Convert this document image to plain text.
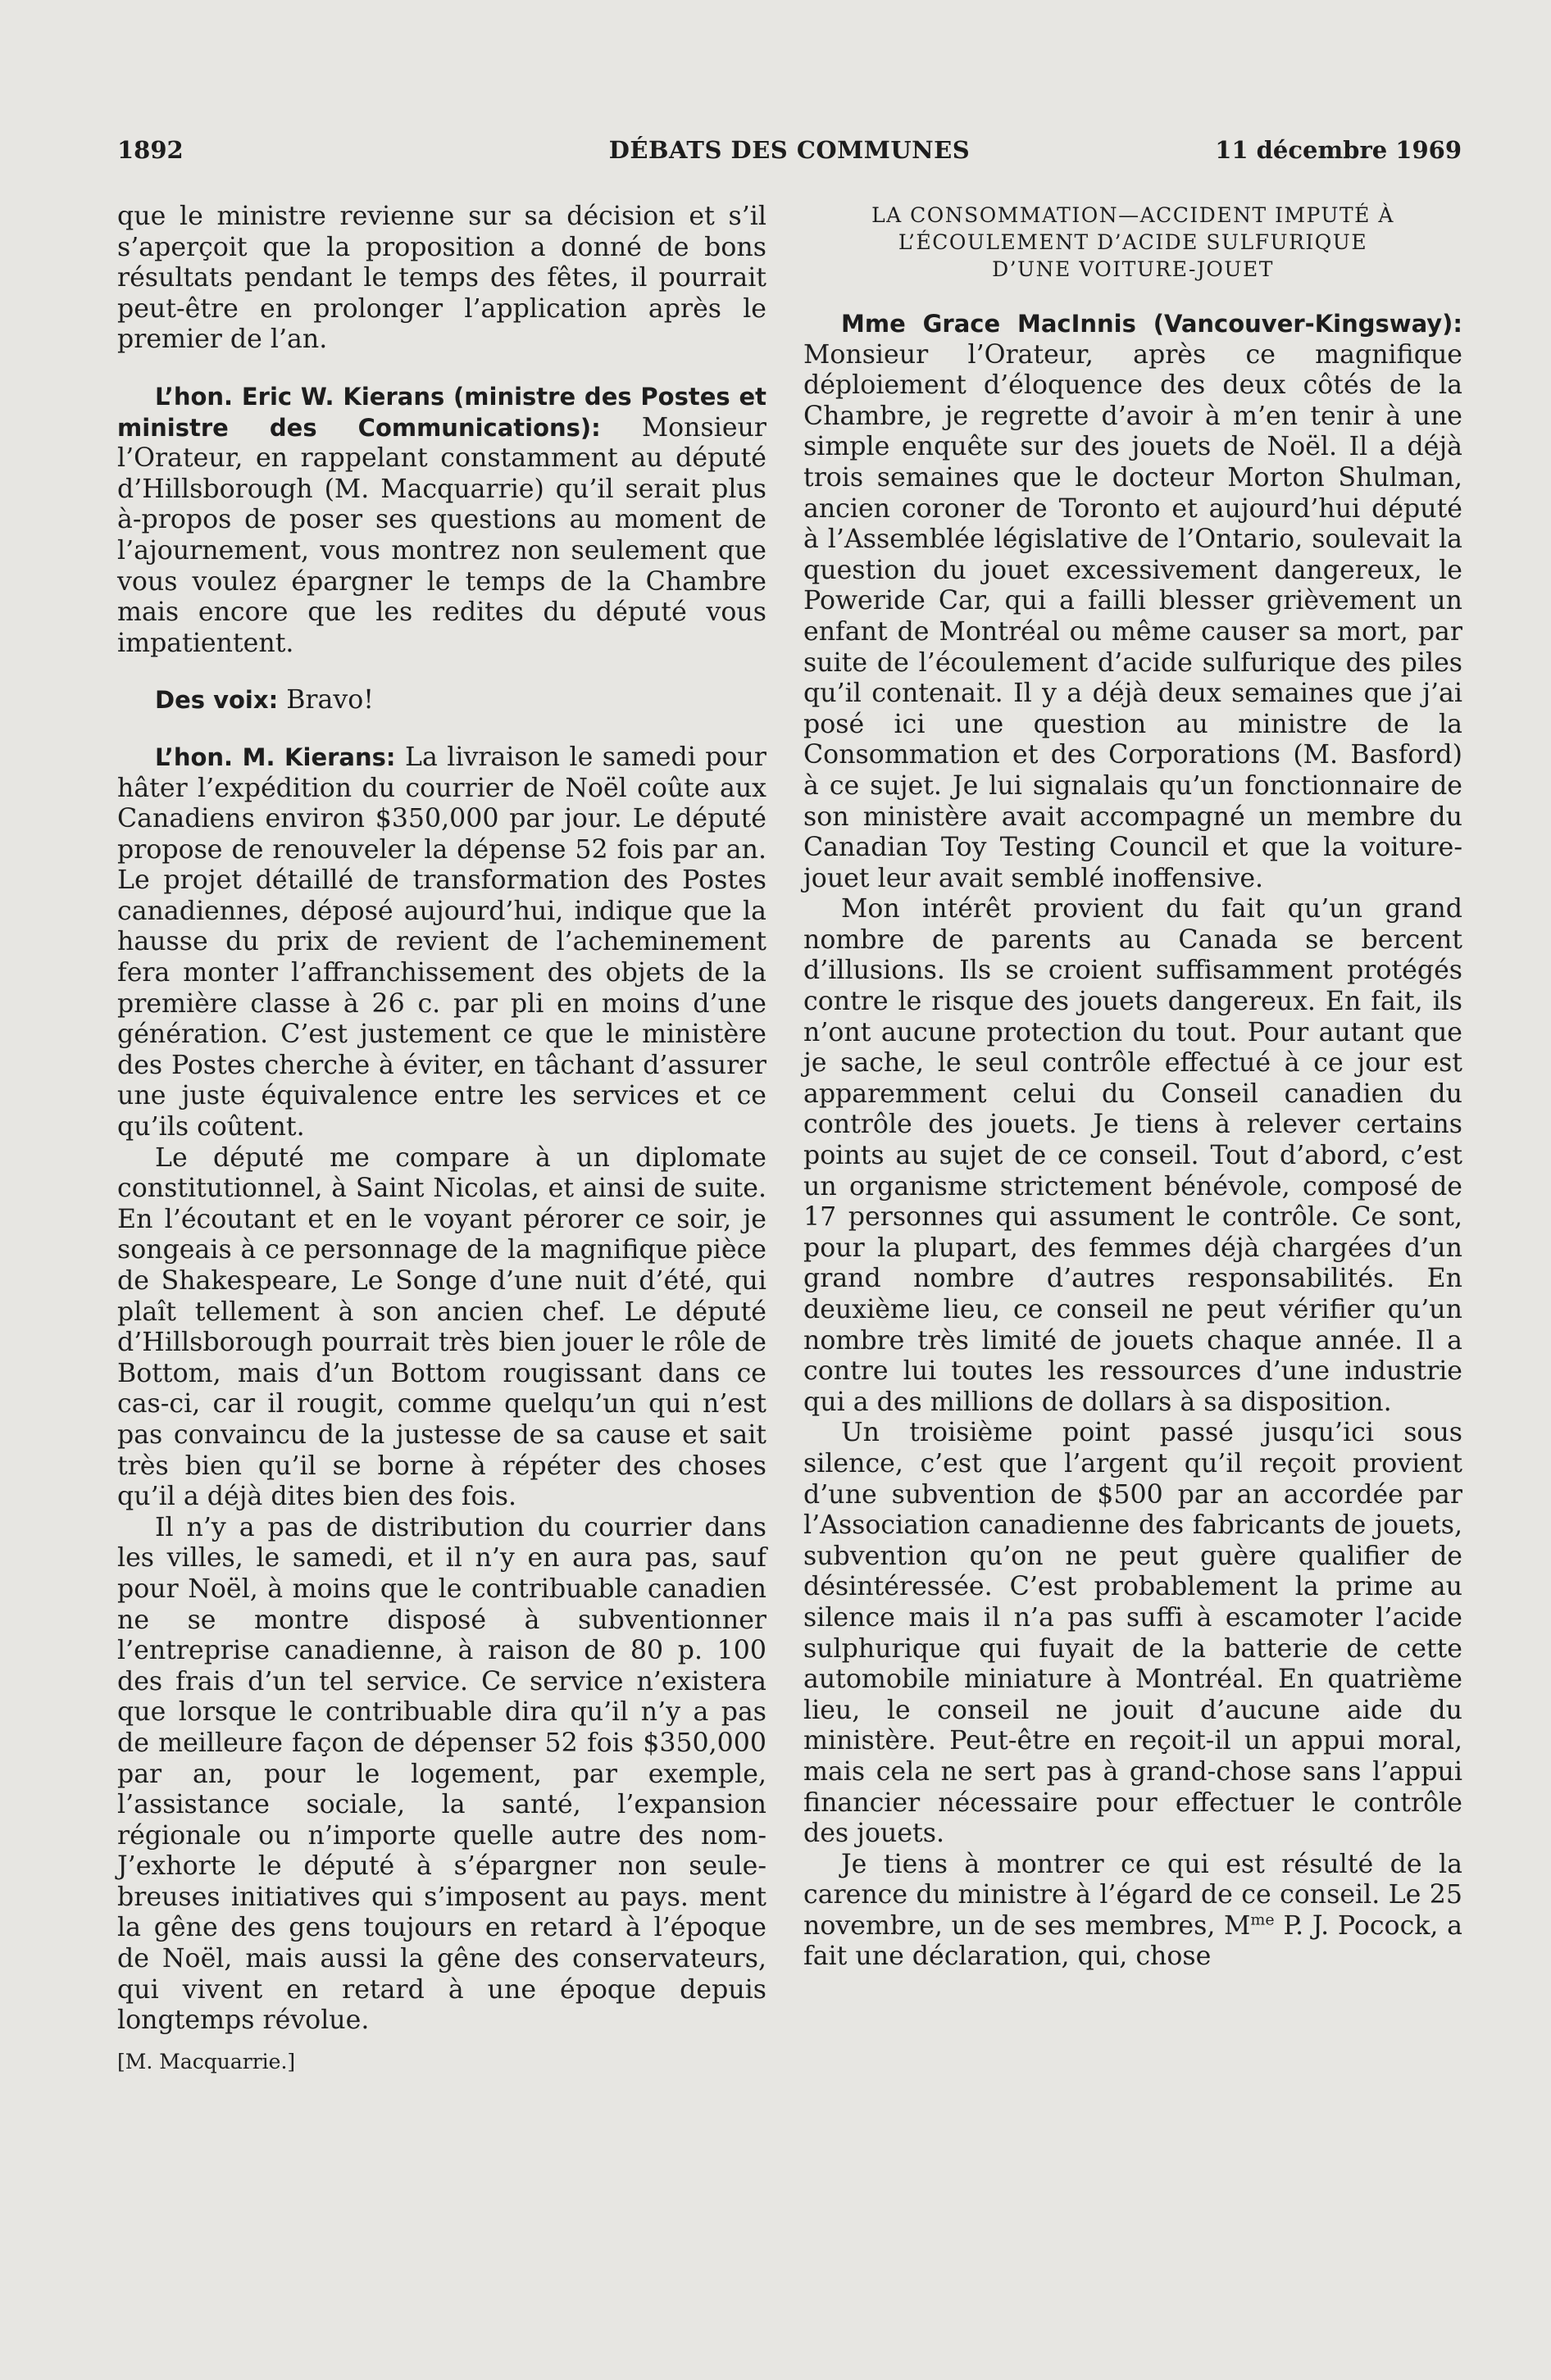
1892	DÉBATS DES COMMUNES	11 décembre 1969

que le ministre revienne sur sa décision et s’il s’aperçoit que la proposition a donné de bons résultats pendant le temps des fêtes, il pourrait peut-être en prolonger l’application après le premier de l’an.

L’hon. Eric W. Kierans (ministre des Postes et ministre des Communications): Monsieur l’Orateur, en rappelant constamment au député d’Hillsborough (M. Macquarrie) qu’il serait plus à-propos de poser ses questions au moment de l’ajournement, vous montrez non seulement que vous voulez épargner le temps de la Chambre mais encore que les redites du député vous impatientent.

Des voix: Bravo!

L’hon. M. Kierans: La livraison le samedi pour hâter l’expédition du courrier de Noël coûte aux Canadiens environ $350,000 par jour. Le député propose de renouveler la dépense 52 fois par an. Le projet détaillé de transformation des Postes canadiennes, déposé aujourd’hui, indique que la hausse du prix de revient de l’acheminement fera monter l’affranchissement des objets de la première classe à 26 c. par pli en moins d’une génération. C’est justement ce que le ministère des Postes cherche à éviter, en tâchant d’assurer une juste équivalence entre les services et ce qu’ils coûtent.

Le député me compare à un diplomate constitutionnel, à Saint Nicolas, et ainsi de suite. En l’écoutant et en le voyant pérorer ce soir, je songeais à ce personnage de la magnifique pièce de Shakespeare, Le Songe d’une nuit d’été, qui plaît tellement à son ancien chef. Le député d’Hillsborough pourrait très bien jouer le rôle de Bottom, mais d’un Bottom rougissant dans ce cas-ci, car il rougit, comme quelqu’un qui n’est pas convaincu de la justesse de sa cause et sait très bien qu’il se borne à répéter des choses qu’il a déjà dites bien des fois.

Il n’y a pas de distribution du courrier dans les villes, le samedi, et il n’y en aura pas, sauf pour Noël, à moins que le contribuable canadien ne se montre disposé à subventionner l’entreprise canadienne, à raison de 80 p. 100 des frais d’un tel service. Ce service n’existera que lorsque le contribuable dira qu’il n’y a pas de meilleure façon de dépenser 52 fois $350,000 par an, pour le logement, par exemple, l’assistance sociale, la santé, l’expansion régionale ou n’importe quelle autre des nom- J’exhorte le député à s’épargner non seule- breuses initiatives qui s’imposent au pays. ment la gêne des gens toujours en retard à l’époque de Noël, mais aussi la gêne des conservateurs, qui vivent en retard à une époque depuis longtemps révolue.

[M. Macquarrie.]

LA CONSOMMATION—ACCIDENT IMPUTÉ À
L’ÉCOULEMENT D’ACIDE SULFURIQUE
D’UNE VOITURE-JOUET

Mme Grace MacInnis (Vancouver-Kingsway): Monsieur l’Orateur, après ce magnifique déploiement d’éloquence des deux côtés de la Chambre, je regrette d’avoir à m’en tenir à une simple enquête sur des jouets de Noël. Il a déjà trois semaines que le docteur Morton Shulman, ancien coroner de Toronto et aujourd’hui député à l’Assemblée législative de l’Ontario, soulevait la question du jouet excessivement dangereux, le Poweride Car, qui a failli blesser grièvement un enfant de Montréal ou même causer sa mort, par suite de l’écoulement d’acide sulfurique des piles qu’il contenait. Il y a déjà deux semaines que j’ai posé ici une question au ministre de la Consommation et des Corporations (M. Basford) à ce sujet. Je lui signalais qu’un fonctionnaire de son ministère avait accompagné un membre du Canadian Toy Testing Council et que la voiture-jouet leur avait semblé inoffensive.

Mon intérêt provient du fait qu’un grand nombre de parents au Canada se bercent d’illusions. Ils se croient suffisamment protégés contre le risque des jouets dangereux. En fait, ils n’ont aucune protection du tout. Pour autant que je sache, le seul contrôle effectué à ce jour est apparemment celui du Conseil canadien du contrôle des jouets. Je tiens à relever certains points au sujet de ce conseil. Tout d’abord, c’est un organisme strictement bénévole, composé de 17 personnes qui assument le contrôle. Ce sont, pour la plupart, des femmes déjà chargées d’un grand nombre d’autres responsabilités. En deuxième lieu, ce conseil ne peut vérifier qu’un nombre très limité de jouets chaque année. Il a contre lui toutes les ressources d’une industrie qui a des millions de dollars à sa disposition.

Un troisième point passé jusqu’ici sous silence, c’est que l’argent qu’il reçoit provient d’une subvention de $500 par an accordée par l’Association canadienne des fabricants de jouets, subvention qu’on ne peut guère qualifier de désintéressée. C’est probablement la prime au silence mais il n’a pas suffi à escamoter l’acide sulphurique qui fuyait de la batterie de cette automobile miniature à Montréal. En quatrième lieu, le conseil ne jouit d’aucune aide du ministère. Peut-être en reçoit-il un appui moral, mais cela ne sert pas à grand-chose sans l’appui financier nécessaire pour effectuer le contrôle des jouets.

Je tiens à montrer ce qui est résulté de la carence du ministre à l’égard de ce conseil. Le 25 novembre, un de ses membres, $M^{me}$ P. J. Pocock, a fait une déclaration, qui, chose
